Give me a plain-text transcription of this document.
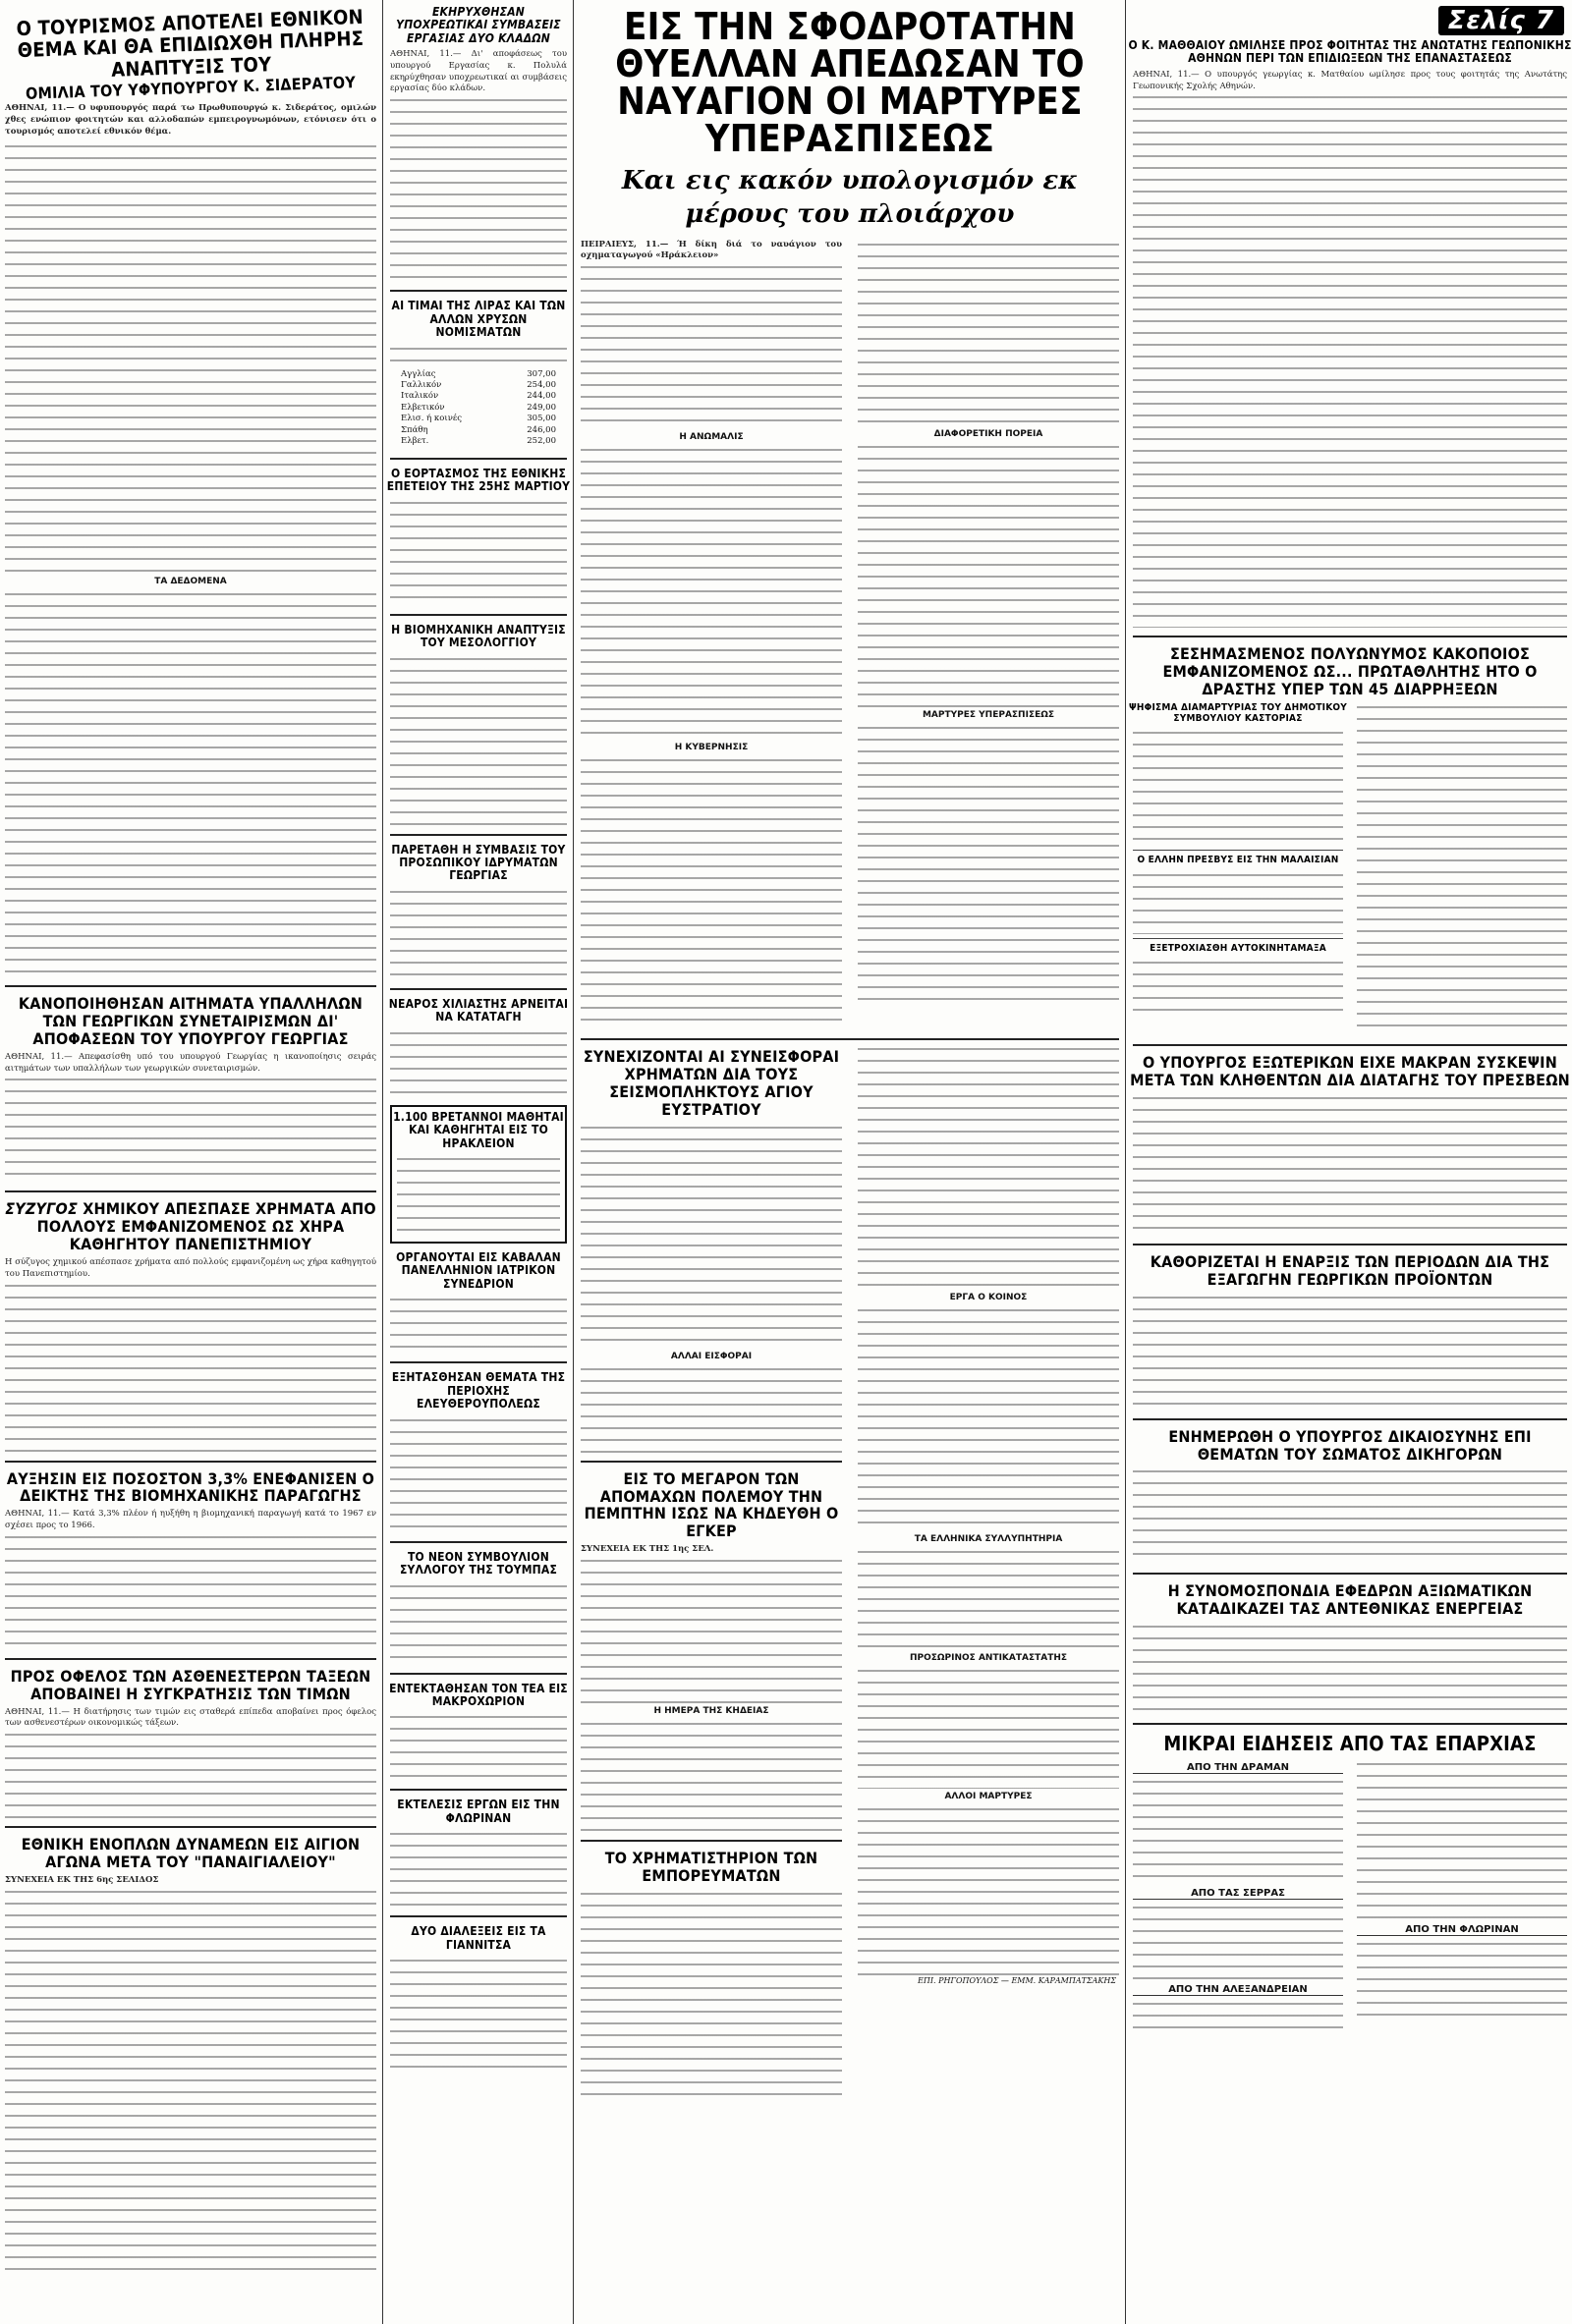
Ο ΤΟΥΡΙΣΜΟΣ ΑΠΟΤΕΛΕΙ ΕΘΝΙΚΟΝ ΘΕΜΑ ΚΑΙ ΘΑ ΕΠΙΔΙΩΧΘΗ ΠΛΗΡΗΣ ΑΝΑΠΤΥΞΙΣ ΤΟΥ
ΟΜΙΛΙΑ ΤΟΥ ΥΦΥΠΟΥΡΓΟΥ Κ. ΣΙΔΕΡΑΤΟΥ
ΑΘΗΝΑΙ, 11.— Ο υφυπουργός παρά τω Πρωθυπουργώ κ. Σιδεράτος, ομιλών χθες ενώπιον φοιτητών και αλλοδαπών εμπειρογνωμόνων, ετόνισεν ότι ο τουρισμός αποτελεί εθνικόν θέμα.
ΤΑ ΔΕΔΟΜΕΝΑ
ΚΑΝΟΠΟΙΗΘΗΣΑΝ ΑΙΤΗΜΑΤΑ ΥΠΑΛΛΗΛΩΝ ΤΩΝ ΓΕΩΡΓΙΚΩΝ ΣΥΝΕΤΑΙΡΙΣΜΩΝ ΔΙ' ΑΠΟΦΑΣΕΩΝ ΤΟΥ ΥΠΟΥΡΓΟΥ ΓΕΩΡΓΙΑΣ
ΑΘΗΝΑΙ, 11.— Απεφασίσθη υπό του υπουργού Γεωργίας η ικανοποίησις σειράς αιτημάτων των υπαλλήλων των γεωργικών συνεταιρισμών.
ΣΥΖΥΓΟΣ ΧΗΜΙΚΟΥ ΑΠΕΣΠΑΣΕ ΧΡΗΜΑΤΑ ΑΠΟ ΠΟΛΛΟΥΣ ΕΜΦΑΝΙΖΟΜΕΝΟΣ ΩΣ ΧΗΡΑ ΚΑΘΗΓΗΤΟΥ ΠΑΝΕΠΙΣΤΗΜΙΟΥ
Η σύζυγος χημικού απέσπασε χρήματα από πολλούς εμφανιζομένη ως χήρα καθηγητού του Πανεπιστημίου.
ΑΥΞΗΣΙΝ ΕΙΣ ΠΟΣΟΣΤΟΝ 3,3% ΕΝΕΦΑΝΙΣΕΝ Ο ΔΕΙΚΤΗΣ ΤΗΣ ΒΙΟΜΗΧΑΝΙΚΗΣ ΠΑΡΑΓΩΓΗΣ
ΑΘΗΝΑΙ, 11.— Κατά 3,3% πλέον ή ηυξήθη η βιομηχανική παραγωγή κατά το 1967 εν σχέσει προς το 1966.
ΠΡΟΣ ΟΦΕΛΟΣ ΤΩΝ ΑΣΘΕΝΕΣΤΕΡΩΝ ΤΑΞΕΩΝ ΑΠΟΒΑΙΝΕΙ Η ΣΥΓΚΡΑΤΗΣΙΣ ΤΩΝ ΤΙΜΩΝ
ΑΘΗΝΑΙ, 11.— Η διατήρησις των τιμών εις σταθερά επίπεδα αποβαίνει προς όφελος των ασθενεστέρων οικονομικώς τάξεων.
ΕΘΝΙΚΗ ΕΝΟΠΛΩΝ ΔΥΝΑΜΕΩΝ ΕΙΣ ΑΙΓΙΟΝ ΑΓΩΝΑ ΜΕΤΑ ΤΟΥ "ΠΑΝΑΙΓΙΑΛΕΙΟΥ"
ΣΥΝΕΧΕΙΑ ΕΚ ΤΗΣ 6ης ΣΕΛΙΔΟΣ
ΕΚΗΡΥΧΘΗΣΑΝ ΥΠΟΧΡΕΩΤΙΚΑΙ ΣΥΜΒΑΣΕΙΣ ΕΡΓΑΣΙΑΣ ΔΥΟ ΚΛΑΔΩΝ
ΑΘΗΝΑΙ, 11.— Δι' αποφάσεως του υπουργού Εργασίας κ. Πολυλά εκηρύχθησαν υποχρεωτικαί αι συμβάσεις εργασίας δύο κλάδων.
ΑΙ ΤΙΜΑΙ ΤΗΣ ΛΙΡΑΣ ΚΑΙ ΤΩΝ ΑΛΛΩΝ ΧΡΥΣΩΝ ΝΟΜΙΣΜΑΤΩΝ
Αγγλίας	307,00
Γαλλικόν	254,00
Ιταλικόν	244,00
Ελβετικόν	249,00
Ελισ. ή κοινές	305,00
Σπάθη	246,00
Ελβετ.	252,00
Ο ΕΟΡΤΑΣΜΟΣ ΤΗΣ ΕΘΝΙΚΗΣ ΕΠΕΤΕΙΟΥ ΤΗΣ 25ΗΣ ΜΑΡΤΙΟΥ
Η ΒΙΟΜΗΧΑΝΙΚΗ ΑΝΑΠΤΥΞΙΣ ΤΟΥ ΜΕΣΟΛΟΓΓΙΟΥ
ΠΑΡΕΤΑΘΗ Η ΣΥΜΒΑΣΙΣ ΤΟΥ ΠΡΟΣΩΠΙΚΟΥ ΙΔΡΥΜΑΤΩΝ ΓΕΩΡΓΙΑΣ
ΝΕΑΡΟΣ ΧΙΛΙΑΣΤΗΣ ΑΡΝΕΙΤΑΙ ΝΑ ΚΑΤΑΤΑΓΗ
1.100 ΒΡΕΤΑΝΝΟΙ ΜΑΘΗΤΑΙ ΚΑΙ ΚΑΘΗΓΗΤΑΙ ΕΙΣ ΤΟ ΗΡΑΚΛΕΙΟΝ
ΟΡΓΑΝΟΥΤΑΙ ΕΙΣ ΚΑΒΑΛΑΝ ΠΑΝΕΛΛΗΝΙΟΝ ΙΑΤΡΙΚΟΝ ΣΥΝΕΔΡΙΟΝ
ΕΞΗΤΑΣΘΗΣΑΝ ΘΕΜΑΤΑ ΤΗΣ ΠΕΡΙΟΧΗΣ ΕΛΕΥΘΕΡΟΥΠΟΛΕΩΣ
ΤΟ ΝΕΟΝ ΣΥΜΒΟΥΛΙΟΝ ΣΥΛΛΟΓΟΥ ΤΗΣ ΤΟΥΜΠΑΣ
ΕΝΤΕΚΤΑΘΗΣΑΝ ΤΟΝ ΤΕΑ ΕΙΣ ΜΑΚΡΟΧΩΡΙΟΝ
ΕΚΤΕΛΕΣΙΣ ΕΡΓΩΝ ΕΙΣ ΤΗΝ ΦΛΩΡΙΝΑΝ
ΔΥΟ ΔΙΑΛΕΞΕΙΣ ΕΙΣ ΤΑ ΓΙΑΝΝΙΤΣΑ
ΕΙΣ ΤΗΝ ΣΦΟΔΡΟΤΑΤΗΝ ΘΥΕΛΛΑΝ ΑΠΕΔΩΣΑΝ ΤΟ ΝΑΥΑΓΙΟΝ ΟΙ ΜΑΡΤΥΡΕΣ ΥΠΕΡΑΣΠΙΣΕΩΣ
Και εις κακόν υπολογισμόν εκ μέρους του πλοιάρχου
ΠΕΙΡΑΙΕΥΣ, 11.— Ή δίκη διά το ναυάγιον του οχηματαγωγού «Ηράκλειον»
Η ΑΝΩΜΑΛΙΣ
Η ΚΥΒΕΡΝΗΣΙΣ
ΔΙΑΦΟΡΕΤΙΚΗ ΠΟΡΕΙΑ
ΜΑΡΤΥΡΕΣ ΥΠΕΡΑΣΠΙΣΕΩΣ
ΣΥΝΕΧΙΖΟΝΤΑΙ ΑΙ ΣΥΝΕΙΣΦΟΡΑΙ ΧΡΗΜΑΤΩΝ ΔΙΑ ΤΟΥΣ ΣΕΙΣΜΟΠΛΗΚΤΟΥΣ ΑΓΙΟΥ ΕΥΣΤΡΑΤΙΟΥ
ΑΛΛΑΙ ΕΙΣΦΟΡΑΙ
ΕΙΣ ΤΟ ΜΕΓΑΡΟΝ ΤΩΝ ΑΠΟΜΑΧΩΝ ΠΟΛΕΜΟΥ ΤΗΝ ΠΕΜΠΤΗΝ ΙΣΩΣ ΝΑ ΚΗΔΕΥΘΗ Ο ΕΓΚΕΡ
ΣΥΝΕΧΕΙΑ ΕΚ ΤΗΣ 1ης ΣΕΛ.
Η ΗΜΕΡΑ ΤΗΣ ΚΗΔΕΙΑΣ
ΤΟ ΧΡΗΜΑΤΙΣΤΗΡΙΟΝ ΤΩΝ ΕΜΠΟΡΕΥΜΑΤΩΝ
ΕΡΓΑ Ο ΚΟΙΝΟΣ
ΤΑ ΕΛΛΗΝΙΚΑ ΣΥΛΛΥΠΗΤΗΡΙΑ
ΠΡΟΣΩΡΙΝΟΣ ΑΝΤΙΚΑΤΑΣΤΑΤΗΣ
ΑΛΛΟΙ ΜΑΡΤΥΡΕΣ
ΕΠΙ. ΡΗΓΟΠΟΥΛΟΣ — ΕΜΜ. ΚΑΡΑΜΠΑΤΣΑΚΗΣ
Σελίς 7
Ο Κ. ΜΑΘΘΑΙΟΥ ΩΜΙΛΗΣΕ ΠΡΟΣ ΦΟΙΤΗΤΑΣ ΤΗΣ ΑΝΩΤΑΤΗΣ ΓΕΩΠΟΝΙΚΗΣ ΑΘΗΝΩΝ ΠΕΡΙ ΤΩΝ ΕΠΙΔΙΩΞΕΩΝ ΤΗΣ ΕΠΑΝΑΣΤΑΣΕΩΣ
ΑΘΗΝΑΙ, 11.— Ο υπουργός γεωργίας κ. Ματθαίου ωμίλησε προς τους φοιτητάς της Ανωτάτης Γεωπονικής Σχολής Αθηνών.
ΣΕΣΗΜΑΣΜΕΝΟΣ ΠΟΛΥΩΝΥΜΟΣ ΚΑΚΟΠΟΙΟΣ ΕΜΦΑΝΙΖΟΜΕΝΟΣ ΩΣ... ΠΡΩΤΑΘΛΗΤΗΣ ΗΤΟ Ο ΔΡΑΣΤΗΣ ΥΠΕΡ ΤΩΝ 45 ΔΙΑΡΡΗΞΕΩΝ
ΨΗΦΙΣΜΑ ΔΙΑΜΑΡΤΥΡΙΑΣ ΤΟΥ ΔΗΜΟΤΙΚΟΥ ΣΥΜΒΟΥΛΙΟΥ ΚΑΣΤΟΡΙΑΣ
Ο ΕΛΛΗΝ ΠΡΕΣΒΥΣ ΕΙΣ ΤΗΝ ΜΑΛΑΙΣΙΑΝ
ΕΞΕΤΡΟΧΙΑΣΘΗ ΑΥΤΟΚΙΝΗΤΑΜΑΞΑ
Ο ΥΠΟΥΡΓΟΣ ΕΞΩΤΕΡΙΚΩΝ ΕΙΧΕ ΜΑΚΡΑΝ ΣΥΣΚΕΨΙΝ ΜΕΤΑ ΤΩΝ ΚΛΗΘΕΝΤΩΝ ΔΙΑ ΔΙΑΤΑΓΗΣ ΤΟΥ ΠΡΕΣΒΕΩΝ
ΚΑΘΟΡΙΖΕΤΑΙ Η ΕΝΑΡΞΙΣ ΤΩΝ ΠΕΡΙΟΔΩΝ ΔΙΑ ΤΗΣ ΕΞΑΓΩΓΗΝ ΓΕΩΡΓΙΚΩΝ ΠΡΟΪΟΝΤΩΝ
ΕΝΗΜΕΡΩΘΗ Ο ΥΠΟΥΡΓΟΣ ΔΙΚΑΙΟΣΥΝΗΣ ΕΠΙ ΘΕΜΑΤΩΝ ΤΟΥ ΣΩΜΑΤΟΣ ΔΙΚΗΓΟΡΩΝ
Η ΣΥΝΟΜΟΣΠΟΝΔΙΑ ΕΦΕΔΡΩΝ ΑΞΙΩΜΑΤΙΚΩΝ ΚΑΤΑΔΙΚΑΖΕΙ ΤΑΣ ΑΝΤΕΘΝΙΚΑΣ ΕΝΕΡΓΕΙΑΣ
ΜΙΚΡΑΙ ΕΙΔΗΣΕΙΣ ΑΠΟ ΤΑΣ ΕΠΑΡΧΙΑΣ
ΑΠΟ ΤΗΝ ΔΡΑΜΑΝ
ΑΠΟ ΤΑΣ ΣΕΡΡΑΣ
ΑΠΟ ΤΗΝ ΑΛΕΞΑΝΔΡΕΙΑΝ
ΑΠΟ ΤΗΝ ΦΛΩΡΙΝΑΝ
